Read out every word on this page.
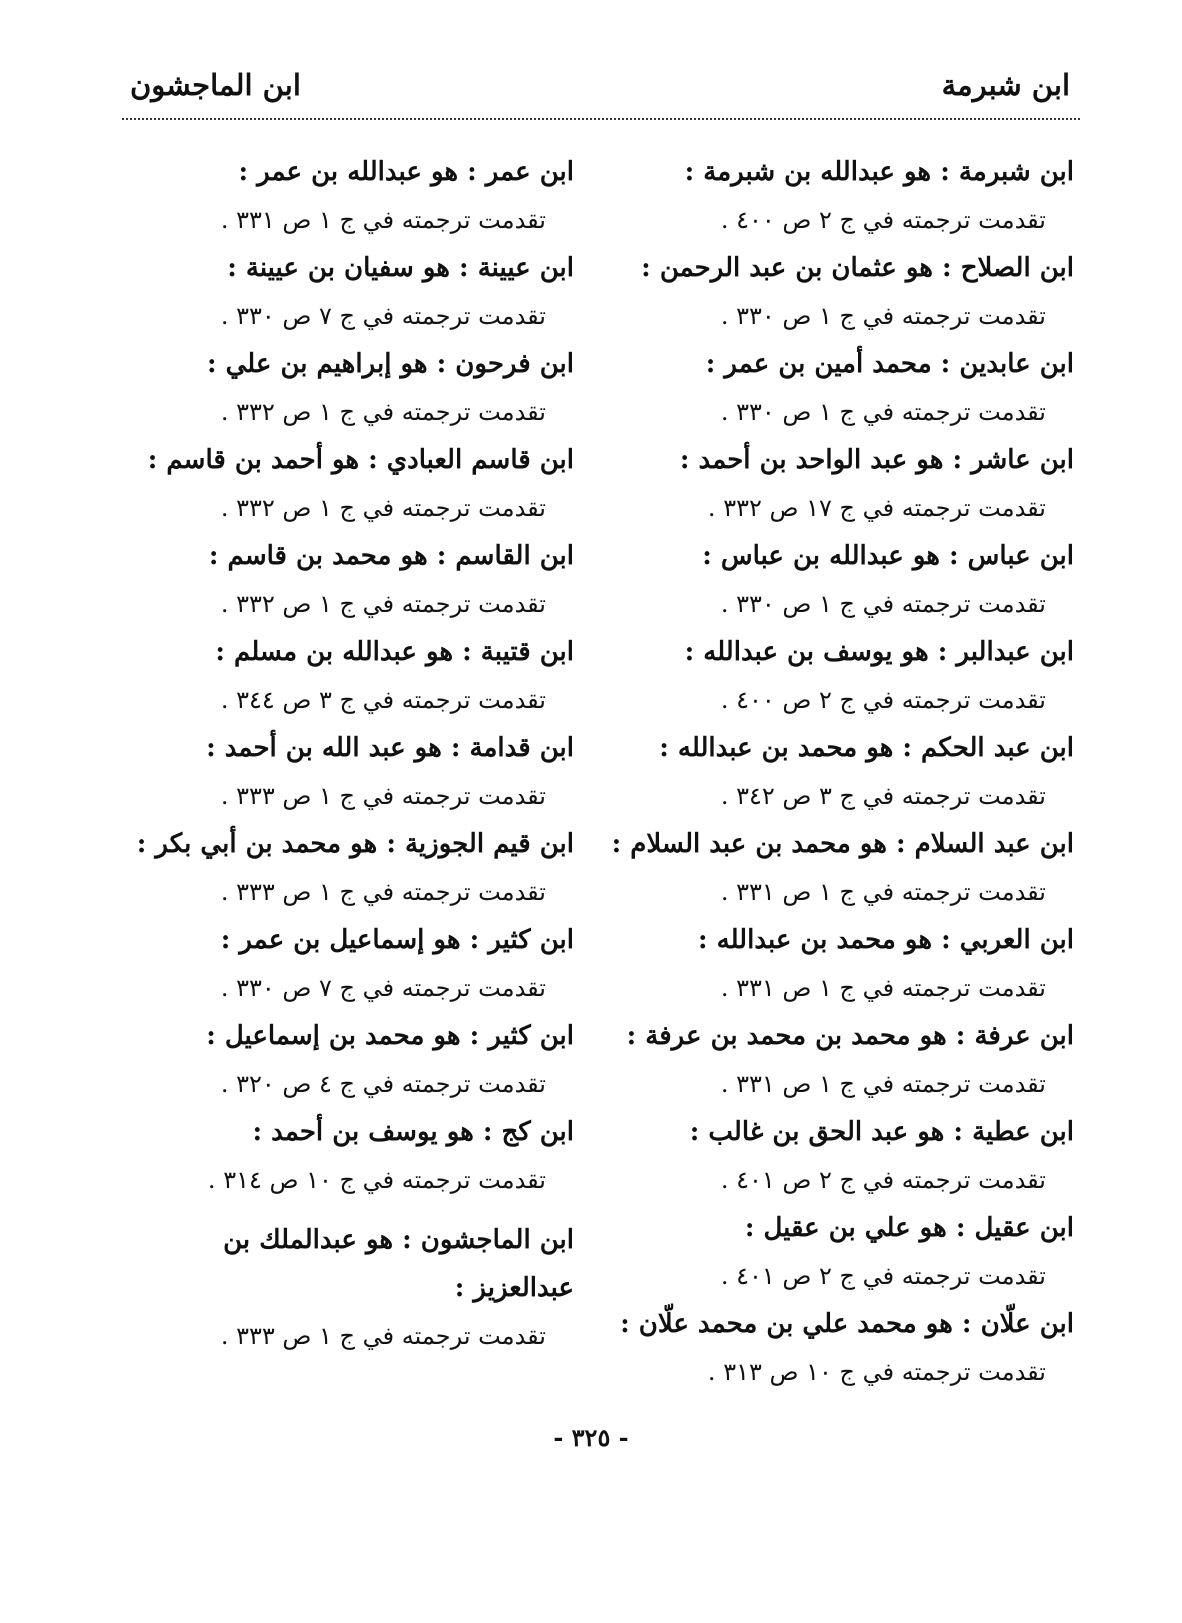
ابن شبرمة
ابن الماجشون
ابن شبرمة : هو عبدالله بن شبرمة :
تقدمت ترجمته في ج ٢ ص ٤٠٠ .
ابن الصلاح : هو عثمان بن عبد الرحمن :
تقدمت ترجمته في ج ١ ص ٣٣٠ .
ابن عابدين : محمد أمين بن عمر :
تقدمت ترجمته في ج ١ ص ٣٣٠ .
ابن عاشر : هو عبد الواحد بن أحمد :
تقدمت ترجمته في ج ١٧ ص ٣٣٢ .
ابن عباس : هو عبدالله بن عباس :
تقدمت ترجمته في ج ١ ص ٣٣٠ .
ابن عبدالبر : هو يوسف بن عبدالله :
تقدمت ترجمته في ج ٢ ص ٤٠٠ .
ابن عبد الحكم : هو محمد بن عبدالله :
تقدمت ترجمته في ج ٣ ص ٣٤٢ .
ابن عبد السلام : هو محمد بن عبد السلام :
تقدمت ترجمته في ج ١ ص ٣٣١ .
ابن العربي : هو محمد بن عبدالله :
تقدمت ترجمته في ج ١ ص ٣٣١ .
ابن عرفة : هو محمد بن محمد بن عرفة :
تقدمت ترجمته في ج ١ ص ٣٣١ .
ابن عطية : هو عبد الحق بن غالب :
تقدمت ترجمته في ج ٢ ص ٤٠١ .
ابن عقيل : هو علي بن عقيل :
تقدمت ترجمته في ج ٢ ص ٤٠١ .
ابن علّان : هو محمد علي بن محمد علّان :
تقدمت ترجمته في ج ١٠ ص ٣١٣ .
ابن عمر : هو عبدالله بن عمر :
تقدمت ترجمته في ج ١ ص ٣٣١ .
ابن عيينة : هو سفيان بن عيينة :
تقدمت ترجمته في ج ٧ ص ٣٣٠ .
ابن فرحون : هو إبراهيم بن علي :
تقدمت ترجمته في ج ١ ص ٣٣٢ .
ابن قاسم العبادي : هو أحمد بن قاسم :
تقدمت ترجمته في ج ١ ص ٣٣٢ .
ابن القاسم : هو محمد بن قاسم :
تقدمت ترجمته في ج ١ ص ٣٣٢ .
ابن قتيبة : هو عبدالله بن مسلم :
تقدمت ترجمته في ج ٣ ص ٣٤٤ .
ابن قدامة : هو عبد الله بن أحمد :
تقدمت ترجمته في ج ١ ص ٣٣٣ .
ابن قيم الجوزية : هو محمد بن أبي بكر :
تقدمت ترجمته في ج ١ ص ٣٣٣ .
ابن كثير : هو إسماعيل بن عمر :
تقدمت ترجمته في ج ٧ ص ٣٣٠ .
ابن كثير : هو محمد بن إسماعيل :
تقدمت ترجمته في ج ٤ ص ٣٢٠ .
ابن كج : هو يوسف بن أحمد :
تقدمت ترجمته في ج ١٠ ص ٣١٤ .
ابن الماجشون : هو عبدالملك بن عبدالعزيز :
تقدمت ترجمته في ج ١ ص ٣٣٣ .
- ٣٢٥ -
